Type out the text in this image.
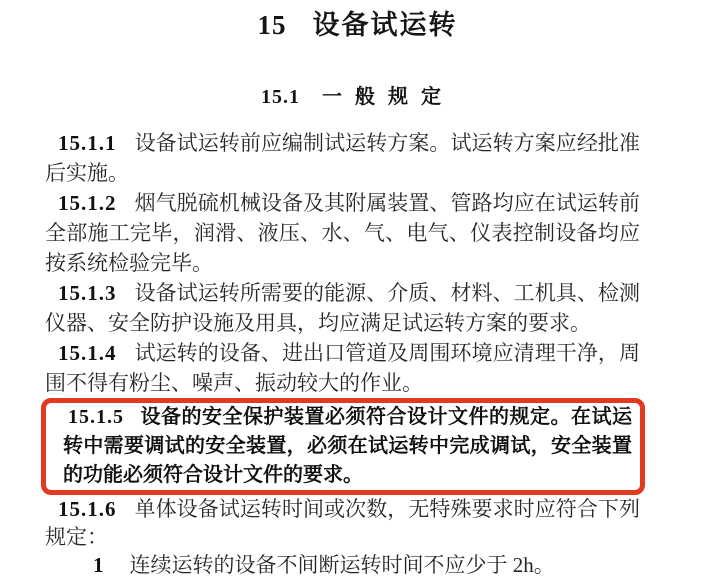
15 设备试运转
15.1 一般规定

15.1.1 设备试运转前应编制试运转方案。试运转方案应经批准后实施。

15.1.2 烟气脱硫机械设备及其附属装置、管路均应在试运转前全部施工完毕，润滑、液压、水、气、电气、仪表控制设备均应按系统检验完毕。

15.1.3 设备试运转所需要的能源、介质、材料、工机具、检测仪器、安全防护设施及用具，均应满足试运转方案的要求。

15.1.4 试运转的设备、进出口管道及周围环境应清理干净，周围不得有粉尘、噪声、振动较大的作业。

15.1.5 设备的安全保护装置必须符合设计文件的规定。在试运转中需要调试的安全装置，必须在试运转中完成调试，安全装置的功能必须符合设计文件的要求。

15.1.6 单体设备试运转时间或次数，无特殊要求时应符合下列规定：

1 连续运转的设备不间断运转时间不应少于 2h。
